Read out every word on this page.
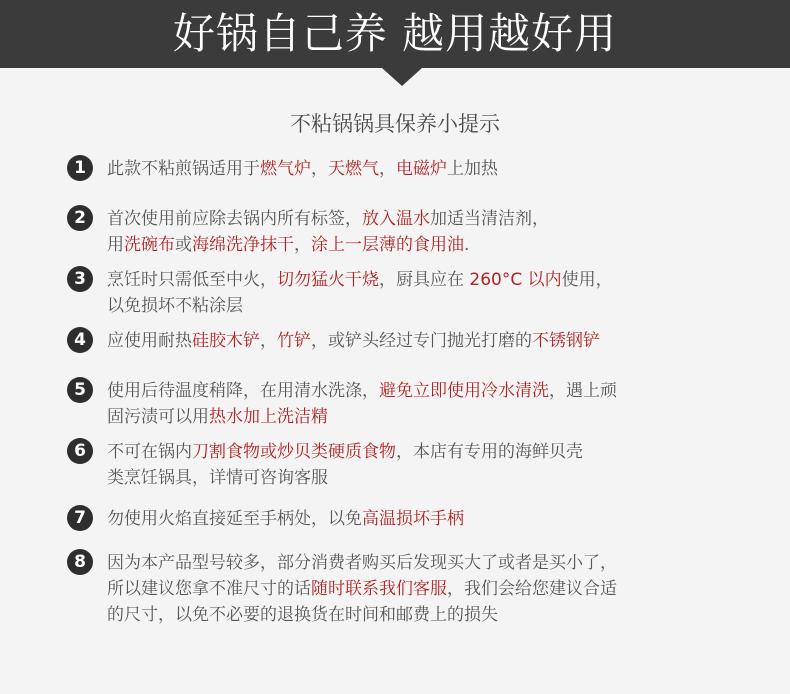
好锅自己养 越用越好用
不粘锅锅具保养小提示
1	此款不粘煎锅适用于燃气炉，天燃气，电磁炉上加热
2	首次使用前应除去锅内所有标签，放入温水加适当清洁剂，
用洗碗布或海绵洗净抹干，涂上一层薄的食用油.
3	烹饪时只需低至中火，切勿猛火干烧，厨具应在 260°C 以内使用，
以免损坏不粘涂层
4	应使用耐热硅胶木铲，竹铲，或铲头经过专门抛光打磨的不锈钢铲
5	使用后待温度稍降，在用清水洗涤，避免立即使用冷水清洗，遇上顽
固污渍可以用热水加上洗洁精
6	不可在锅内刀割食物或炒贝类硬质食物，本店有专用的海鲜贝壳
类烹饪锅具，详情可咨询客服
7	勿使用火焰直接延至手柄处，以免高温损坏手柄
8	因为本产品型号较多，部分消费者购买后发现买大了或者是买小了，
所以建议您拿不准尺寸的话随时联系我们客服，我们会给您建议合适
的尺寸，以免不必要的退换货在时间和邮费上的损失
